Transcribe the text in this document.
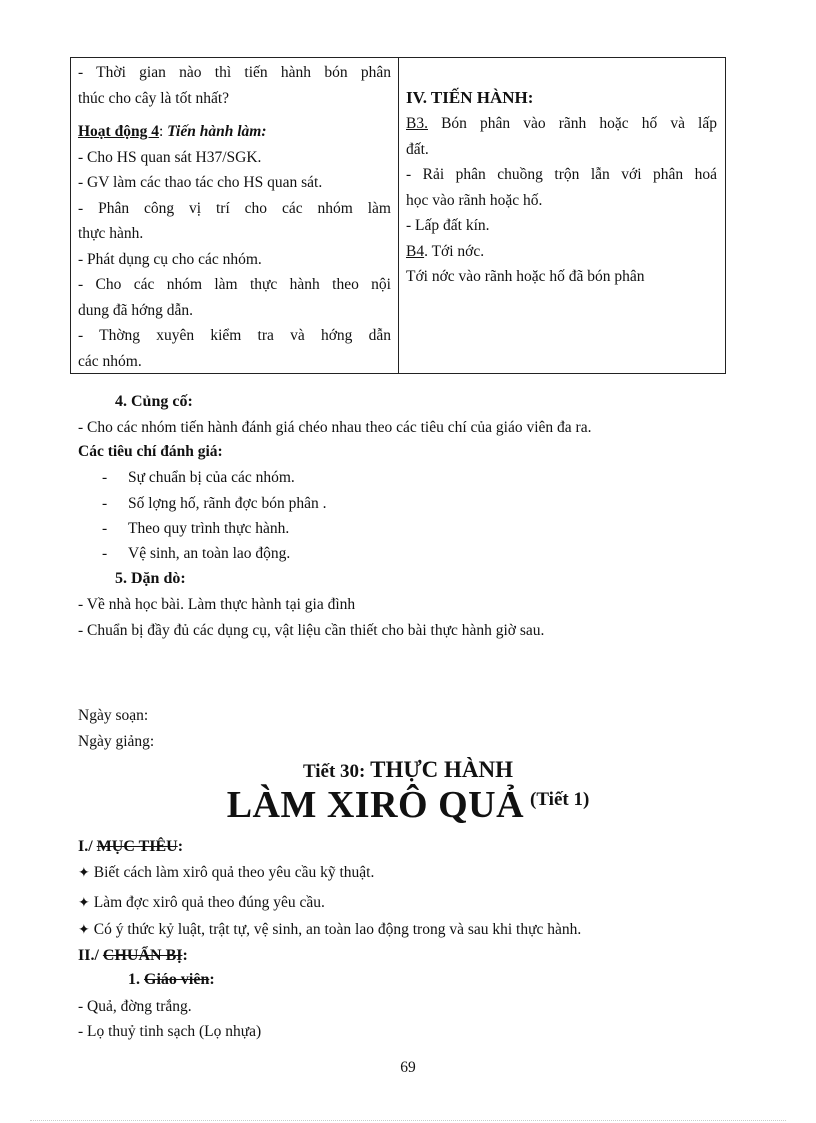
- Thời gian nào thì tiến hành bón phân
thúc cho cây là tốt nhất?
Hoạt động 4: Tiến hành làm:
- Cho HS quan sát H37/SGK.
- GV làm các thao tác cho HS quan sát.
- Phân công vị trí cho các nhóm làm
thực hành.
- Phát dụng cụ cho các nhóm.
- Cho các nhóm làm thực hành theo nội
dung đã hớng dẫn.
- Thờng xuyên kiểm tra và hớng dẫn
các nhóm.
IV. TIẾN HÀNH:
B3. Bón phân vào rãnh hoặc hố và lấp
đất.
- Rải phân chuồng trộn lẫn với phân hoá
học vào rãnh hoặc hố.
- Lấp đất kín.
B4. Tới nớc.
Tới nớc vào rãnh hoặc hố đã bón phân
4. Củng cố:
- Cho các nhóm tiến hành đánh giá chéo nhau theo các tiêu chí của giáo viên đa ra.
Các tiêu chí đánh giá:
- Sự chuẩn bị của các nhóm.
- Số lợng hố, rãnh đợc bón phân .
- Theo quy trình thực hành.
- Vệ sinh, an toàn lao động.
5. Dặn dò:
- Về nhà học bài. Làm thực hành tại gia đình
- Chuẩn bị đầy đủ các dụng cụ, vật liệu cần thiết cho bài thực hành giờ sau.
Ngày soạn:
Ngày giảng:
Tiết 30: THỰC HÀNH
LÀM XIRÔ QUẢ (Tiết 1)
I./ MỤC TIÊU:
✦ Biết cách làm xirô quả theo yêu cầu kỹ thuật.
✦ Làm đợc xirô quả theo đúng yêu cầu.
✦ Có ý thức kỷ luật, trật tự, vệ sinh, an toàn lao động trong và sau khi thực hành.
II./ CHUẨN BỊ:
1. Giáo viên:
- Quả, đờng trắng.
- Lọ thuỷ tinh sạch (Lọ nhựa)
69
